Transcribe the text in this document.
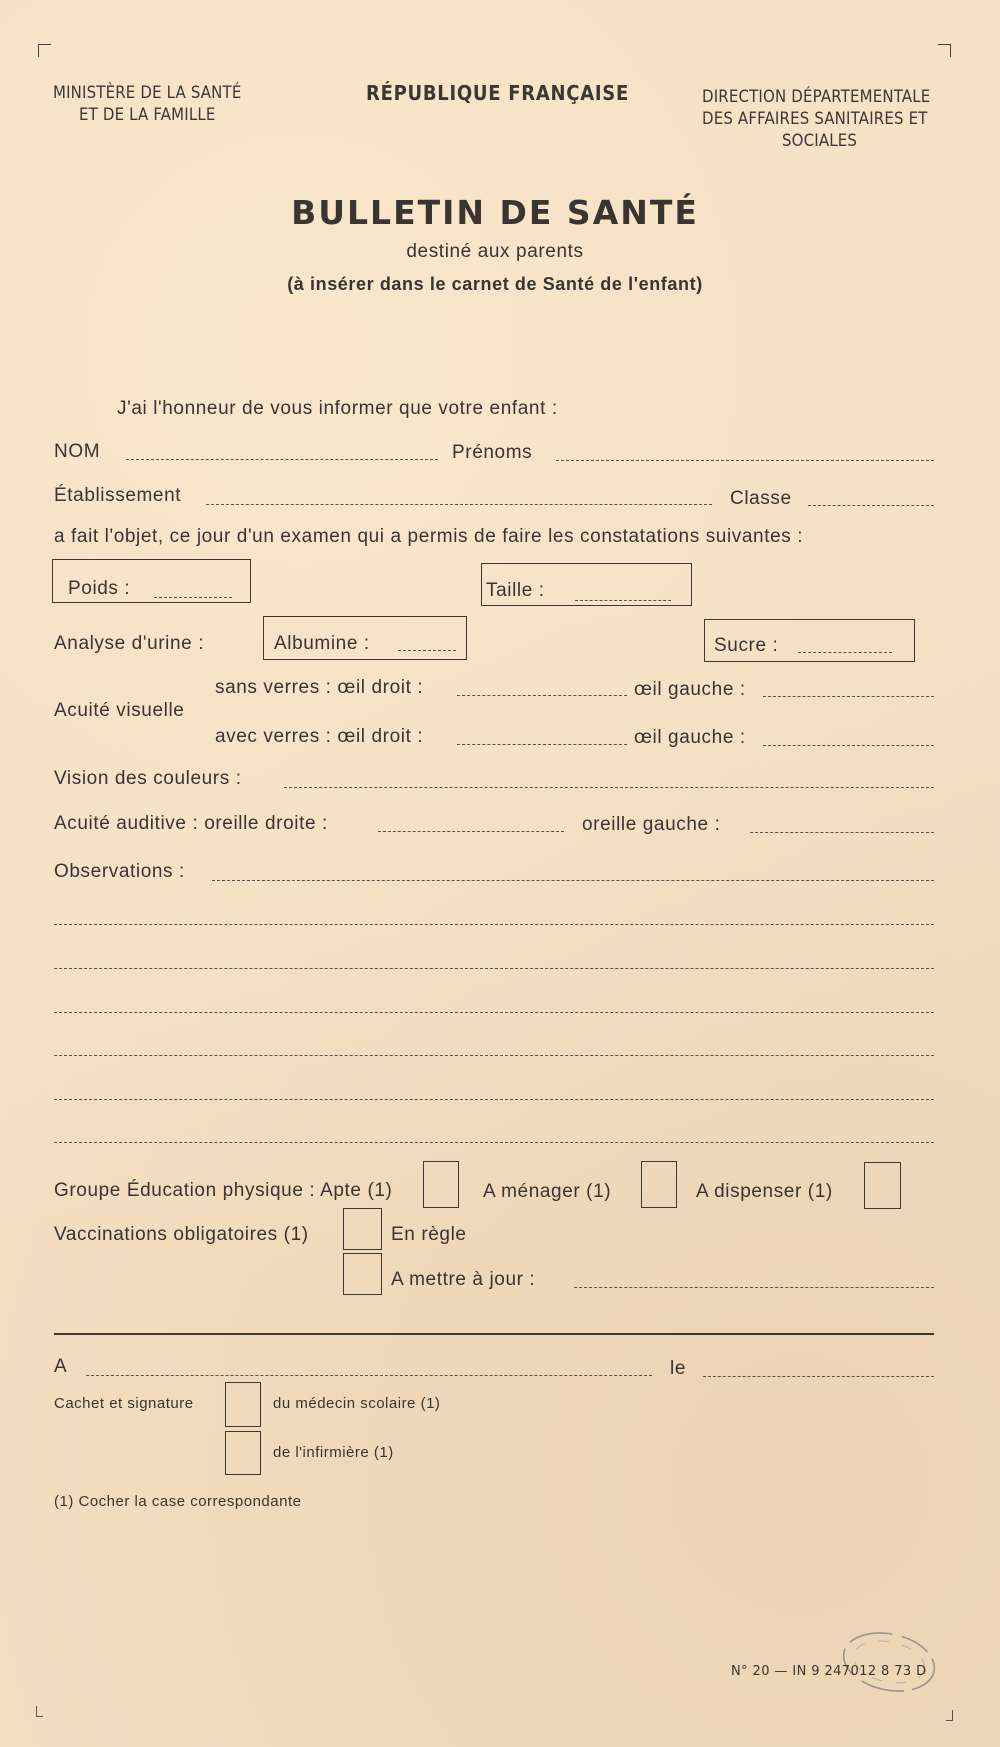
MINISTÈRE DE LA SANTÉ
ET DE LA FAMILLE
RÉPUBLIQUE FRANÇAISE	DIRECTION DÉPARTEMENTALE
DES AFFAIRES SANITAIRES ET
SOCIALES
BULLETIN DE SANTÉ
destiné aux parents
(à insérer dans le carnet de Santé de l'enfant)
J'ai l'honneur de vous informer que votre enfant :
NOM	Prénoms
Établissement	Classe
a fait l'objet, ce jour d'un examen qui a permis de faire les constatations suivantes :
Poids :	Taille :
Analyse d'urine :	Albumine :	Sucre :
sans verres : œil droit :	œil gauche :
Acuité visuelle
avec verres : œil droit :	œil gauche :
Vision des couleurs :
Acuité auditive : oreille droite :	oreille gauche :
Observations :
Groupe Éducation physique : Apte (1)	A ménager (1)	A dispenser (1)
Vaccinations obligatoires (1)	En règle
A mettre à jour :
A	le
Cachet et signature	du médecin scolaire (1)
de l'infirmière (1)
(1) Cocher la case correspondante
N° 20 — IN 9 247012 8 73 D
